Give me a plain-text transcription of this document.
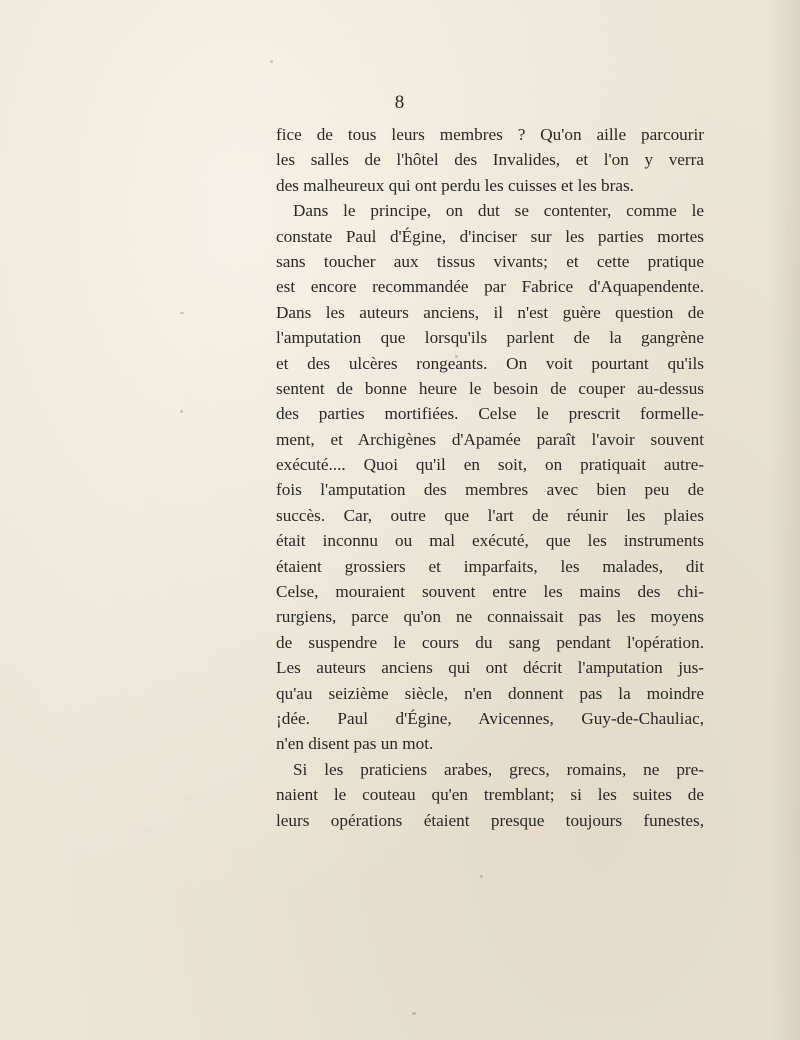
8
fice de tous leurs membres ? Qu'on aille parcourir
les salles de l'hôtel des Invalides, et l'on y verra
des malheureux qui ont perdu les cuisses et les bras.
Dans le principe, on dut se contenter, comme le
constate Paul d'Égine, d'inciser sur les parties mortes
sans toucher aux tissus vivants; et cette pratique
est encore recommandée par Fabrice d'Aquapendente.
Dans les auteurs anciens, il n'est guère question de
l'amputation que lorsqu'ils parlent de la gangrène
et des ulcères rongeants. On voit pourtant qu'ils
sentent de bonne heure le besoin de couper au-dessus
des parties mortifiées. Celse le prescrit formelle-
ment, et Archigènes d'Apamée paraît l'avoir souvent
exécuté.... Quoi qu'il en soit, on pratiquait autre-
fois l'amputation des membres avec bien peu de
succès. Car, outre que l'art de réunir les plaies
était inconnu ou mal exécuté, que les instruments
étaient grossiers et imparfaits, les malades, dit
Celse, mouraient souvent entre les mains des chi-
rurgiens, parce qu'on ne connaissait pas les moyens
de suspendre le cours du sang pendant l'opération.
Les auteurs anciens qui ont décrit l'amputation jus-
qu'au seizième siècle, n'en donnent pas la moindre
¡dée. Paul d'Égine, Avicennes, Guy-de-Chauliac,
n'en disent pas un mot.
Si les praticiens arabes, grecs, romains, ne pre-
naient le couteau qu'en tremblant; si les suites de
leurs opérations étaient presque toujours funestes,
